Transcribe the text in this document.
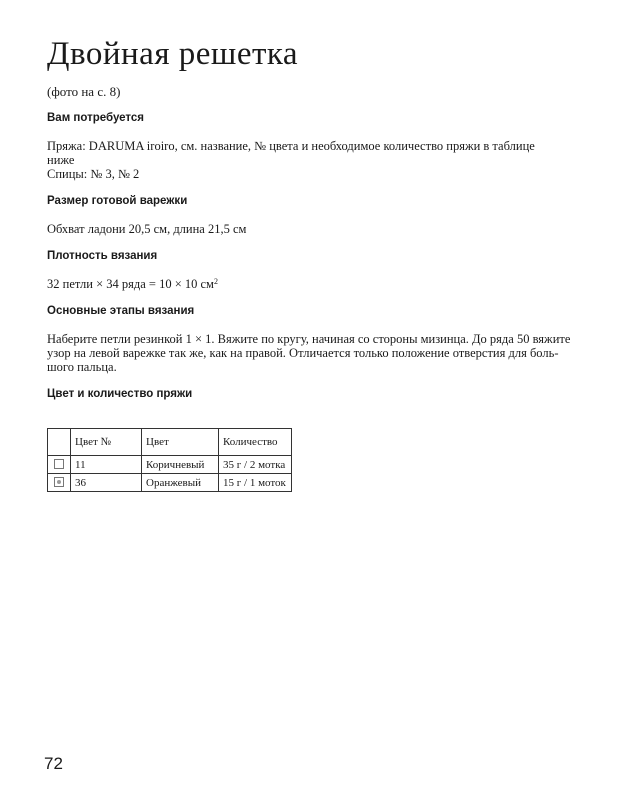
Двойная решетка
(фото на с. 8)
Вам потребуется
Пряжа: DARUMA iroiro, см. название, № цвета и необходимое количество пряжи в таблице
ниже
Спицы: № 3, № 2
Размер готовой варежки
Обхват ладони 20,5 см, длина 21,5 см
Плотность вязания
32 петли × 34 ряда = 10 × 10 $см^2$
Основные этапы вязания
Наберите петли резинкой 1 × 1. Вяжите по кругу, начиная со стороны мизинца. До ряда 50 вяжите
узор на левой варежке так же, как на правой. Отличается только положение отверстия для боль-
шого пальца.
Цвет и количество пряжи
	Цвет №	Цвет	Количество
	11	Коричневый	35 г / 2 мотка
	36	Оранжевый	15 г / 1 моток
72
